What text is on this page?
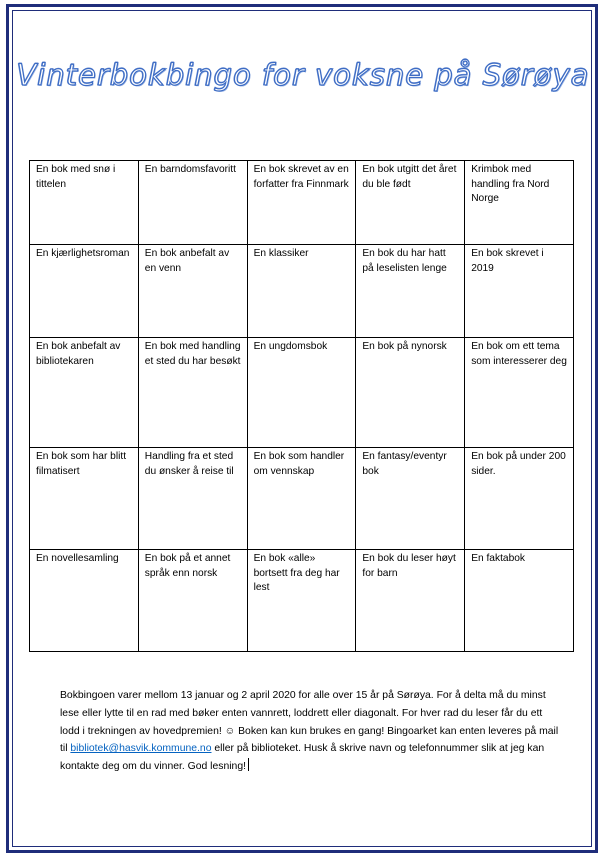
Vinterbokbingo for voksne på Sørøya
En bok med snø i tittelen	En barndomsfavoritt	En bok skrevet av en forfatter fra Finnmark	En bok utgitt det året du ble født	Krimbok med handling fra Nord Norge
En kjærlighetsroman	En bok anbefalt av en venn	En klassiker	En bok du har hatt på leselisten lenge	En bok skrevet i 2019
En bok anbefalt av bibliotekaren	En bok med handling et sted du har besøkt	En ungdomsbok	En bok på nynorsk	En bok om ett tema som interesserer deg
En bok som har blitt filmatisert	Handling fra et sted du ønsker å reise til	En bok som handler om vennskap	En fantasy/eventyr bok	En bok på under 200 sider.
En novellesamling	En bok på et annet språk enn norsk	En bok «alle» bortsett fra deg har lest	En bok du leser høyt for barn	En faktabok
Bokbingoen varer mellom 13 januar og 2 april 2020 for alle over 15 år på Sørøya. For å delta må du minst lese eller lytte til en rad med bøker enten vannrett, loddrett eller diagonalt. For hver rad du leser får du ett lodd i trekningen av hovedpremien! ☺ Boken kan kun brukes en gang! Bingoarket kan enten leveres på mail til bibliotek@hasvik.kommune.no eller på biblioteket. Husk å skrive navn og telefonnummer slik at jeg kan kontakte deg om du vinner. God lesning!
